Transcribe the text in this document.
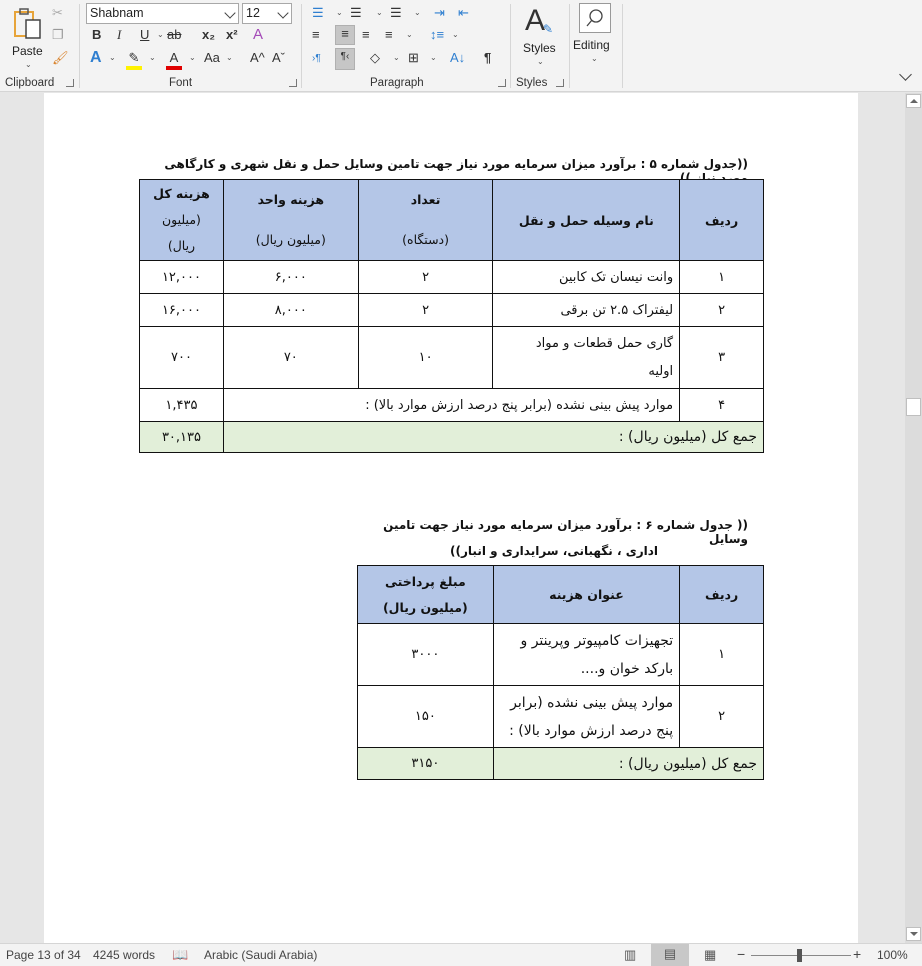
Paste
⌄
✂
❐
🖌
Clipboard
Shabnam	12
B I U ⌄ ab x₂ x² A
A ⌄ ✎	⌄ A	⌄ Aa ⌄ A^ Aˇ
Font
☰ ⌄ ☰ ⌄ ☰ ⌄ ⇥ ⇤
≡	≡	≡ ≡ ⌄ ↕≡ ⌄
›¶	¶‹	◇ ⌄ ⊞ ⌄ A↓ ¶
Paragraph
A
✎
Styles
⌄
Styles
Editing
⌄
((جدول شماره ۵ : برآورد میزان سرمایه مورد نیاز جهت تامین وسایل حمل و نقل شهری و کارگاهی مورد نیاز ))
ردیف	نام وسیله حمل و نقل	تعداد
(دستگاه)	هزینه واحد
(میلیون ریال)	هزینه کل
(میلیون
ریال)
۱	وانت نیسان تک کابین	۲	۶,۰۰۰	۱۲,۰۰۰
۲	لیفتراک ۲.۵ تن برقی	۲	۸,۰۰۰	۱۶,۰۰۰
۳	گاری حمل قطعات و مواد
اولیه	۱۰	۷۰	۷۰۰
۴	موارد پیش بینی نشده (برابر پنج درصد ارزش موارد بالا) :			۱,۴۳۵
جمع کل (میلیون ریال) :				۳۰,۱۳۵
(( جدول شماره ۶ : برآورد میزان سرمایه مورد نیاز جهت تامین وسایل
اداری ، نگهبانی، سرایداری و انبار))
ردیف	عنوان هزینه	مبلغ پرداختی
(میلیون ریال)
۱	تجهیزات کامپیوتر وپرینتر و
بارکد خوان و....	۳۰۰۰
۲	موارد پیش بینی نشده (برابر
پنج درصد ارزش موارد بالا) :	۱۵۰
جمع کل (میلیون ریال) :		۳۱۵۰
Page 13 of 34 4245 words 📖 Arabic (Saudi Arabia)	▥	▤	▦ −	+ 100%
